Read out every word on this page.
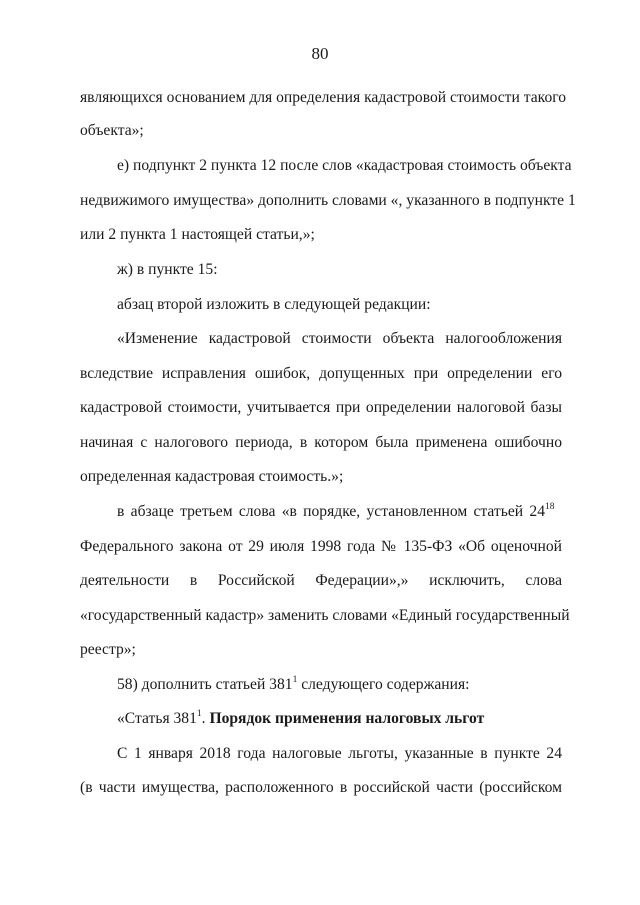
80
являющихся основанием для определения кадастровой стоимости такого
объекта»;
е) подпункт 2 пункта 12 после слов «кадастровая стоимость объекта
недвижимого имущества» дополнить словами «, указанного в подпункте 1
или 2 пункта 1 настоящей статьи,»;
ж) в пункте 15:
абзац второй изложить в следующей редакции:
«Изменение кадастровой стоимости объекта налогообложения
вследствие исправления ошибок, допущенных при определении его
кадастровой стоимости, учитывается при определении налоговой базы
начиная с налогового периода, в котором была применена ошибочно
определенная кадастровая стоимость.»;
в абзаце третьем слова «в порядке, установленном статьей $24^{18}$
Федерального закона от 29 июля 1998 года № 135-ФЗ «Об оценочной
деятельности в Российской Федерации»,» исключить, слова
«государственный кадастр» заменить словами «Единый государственный
реестр»;
58) дополнить статьей $381^1$ следующего содержания:
«Статья $381^1$. Порядок применения налоговых льгот
С 1 января 2018 года налоговые льготы, указанные в пункте 24
(в части имущества, расположенного в российской части (российском
